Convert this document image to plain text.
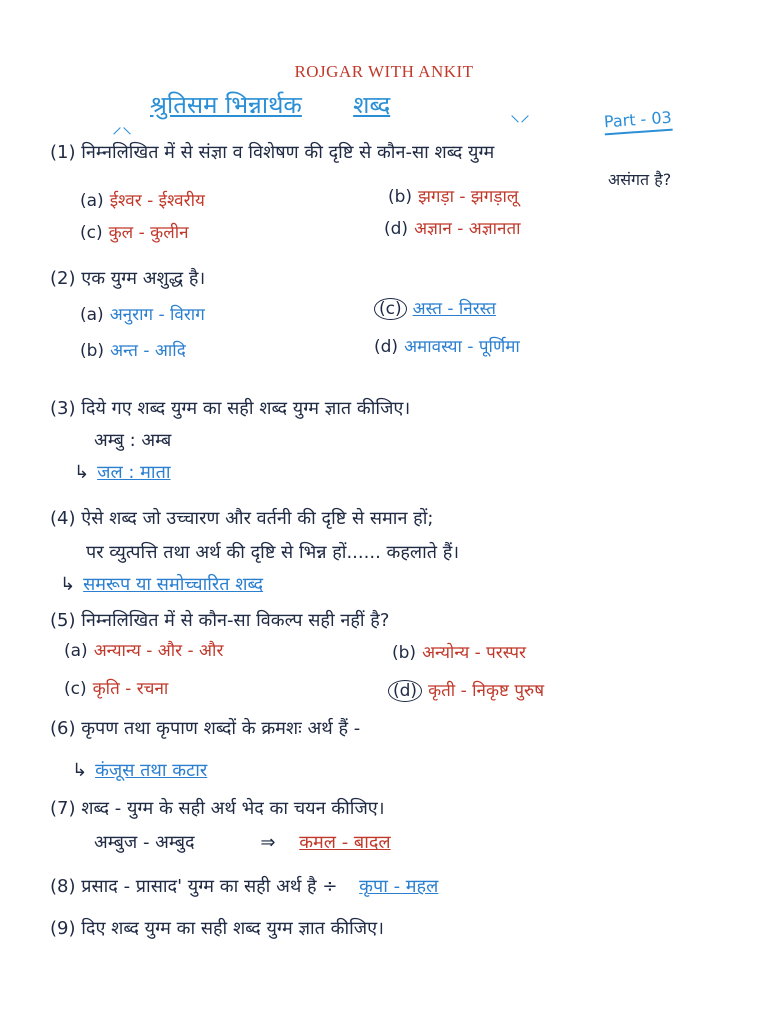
ROJGAR WITH ANKIT
⸝⸜
श्रुतिसम भिन्नार्थक शब्द	⸜⸝	Part - 03
(1) निम्नलिखित में से संज्ञा व विशेषण की दृष्टि से कौन-सा शब्द युग्म
असंगत है?
(a) ईश्वर - ईश्वरीय	(b) झगड़ा - झगड़ालू
(c) कुल - कुलीन	(d) अज्ञान - अज्ञानता
(2) एक युग्म अशुद्ध है।
(a) अनुराग - विराग	(c) अस्त - निरस्त
(b) अन्त - आदि	(d) अमावस्या - पूर्णिमा
(3) दिये गए शब्द युग्म का सही शब्द युग्म ज्ञात कीजिए।
अम्बु : अम्ब
↳ जल : माता
(4) ऐसे शब्द जो उच्चारण और वर्तनी की दृष्टि से समान हों;
पर व्युत्पत्ति तथा अर्थ की दृष्टि से भिन्न हों...... कहलाते हैं।
↳ समरूप या समोच्चारित शब्द
(5) निम्नलिखित में से कौन-सा विकल्प सही नहीं है?
(a) अन्यान्य - और - और	(b) अन्योन्य - परस्पर
(c) कृति - रचना	(d) कृती - निकृष्ट पुरुष
(6) कृपण तथा कृपाण शब्दों के क्रमशः अर्थ हैं -
↳ कंजूस तथा कटार
(7) शब्द - युग्म के सही अर्थ भेद का चयन कीजिए।
अम्बुज - अम्बुद	⇒ कमल - बादल
(8) प्रसाद - प्रासाद' युग्म का सही अर्थ है ÷ कृपा - महल
(9) दिए शब्द युग्म का सही शब्द युग्म ज्ञात कीजिए।
